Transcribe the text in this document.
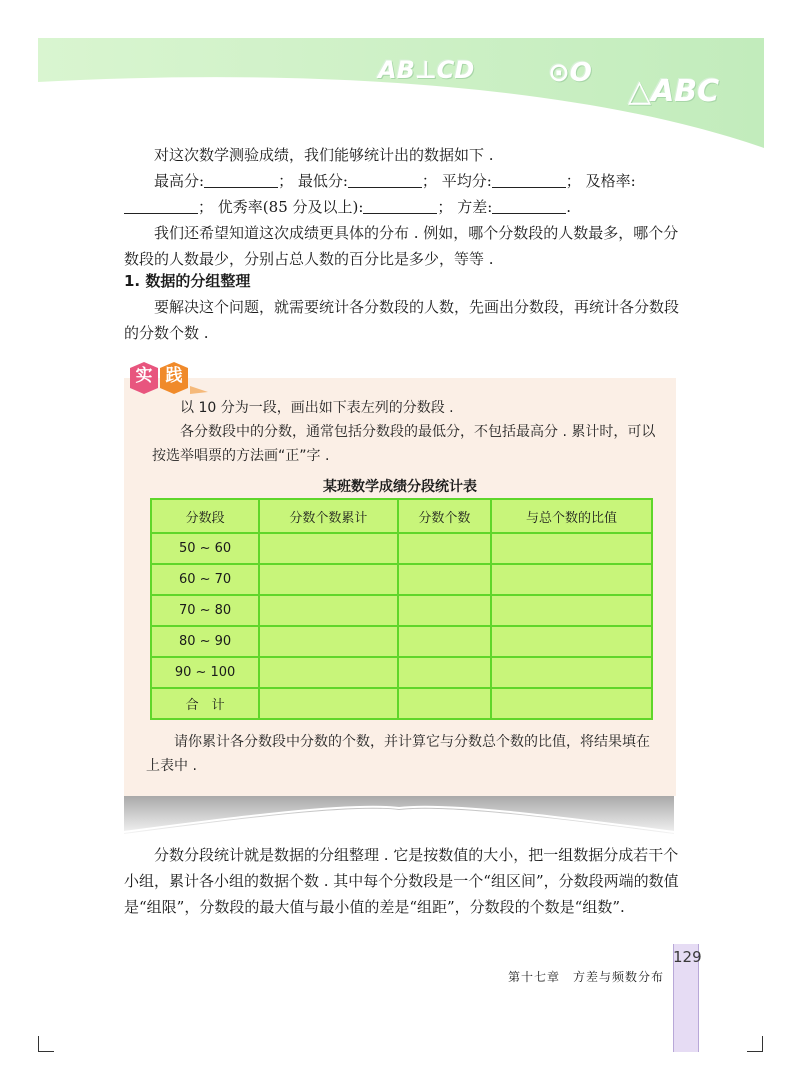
AB⊥CD	⊙O
△ABC

对这次数学测验成绩，我们能够统计出的数据如下 .

最高分:	； 最低分:	； 平均分:	； 及格率:； 优秀率(85 分及以上):	； 方差:	.

我们还希望知道这次成绩更具体的分布 . 例如，哪个分数段的人数最多，哪个分数段的人数最少，分别占总人数的百分比是多少，等等 .

1. 数据的分组整理

要解决这个问题，就需要统计各分数段的人数，先画出分数段，再统计各分数段的分数个数 .

实 践

以 10 分为一段，画出如下表左列的分数段 .

各分数段中的分数，通常包括分数段的最低分，不包括最高分 . 累计时，可以按选举唱票的方法画“正”字 .

某班数学成绩分段统计表
分数段	分数个数累计	分数个数	与总个数的比值
50 ~ 60			
60 ~ 70			
70 ~ 80			
80 ~ 90			
90 ~ 100			
合　计			

请你累计各分数段中分数的个数，并计算它与分数总个数的比值，将结果填在上表中 .

分数分段统计就是数据的分组整理 . 它是按数值的大小，把一组数据分成若干个小组，累计各小组的数据个数 . 其中每个分数段是一个“组区间”，分数段两端的数值是“组限”，分数段的最大值与最小值的差是“组距”，分数段的个数是“组数”.

第十七章　方差与频数分布
129
